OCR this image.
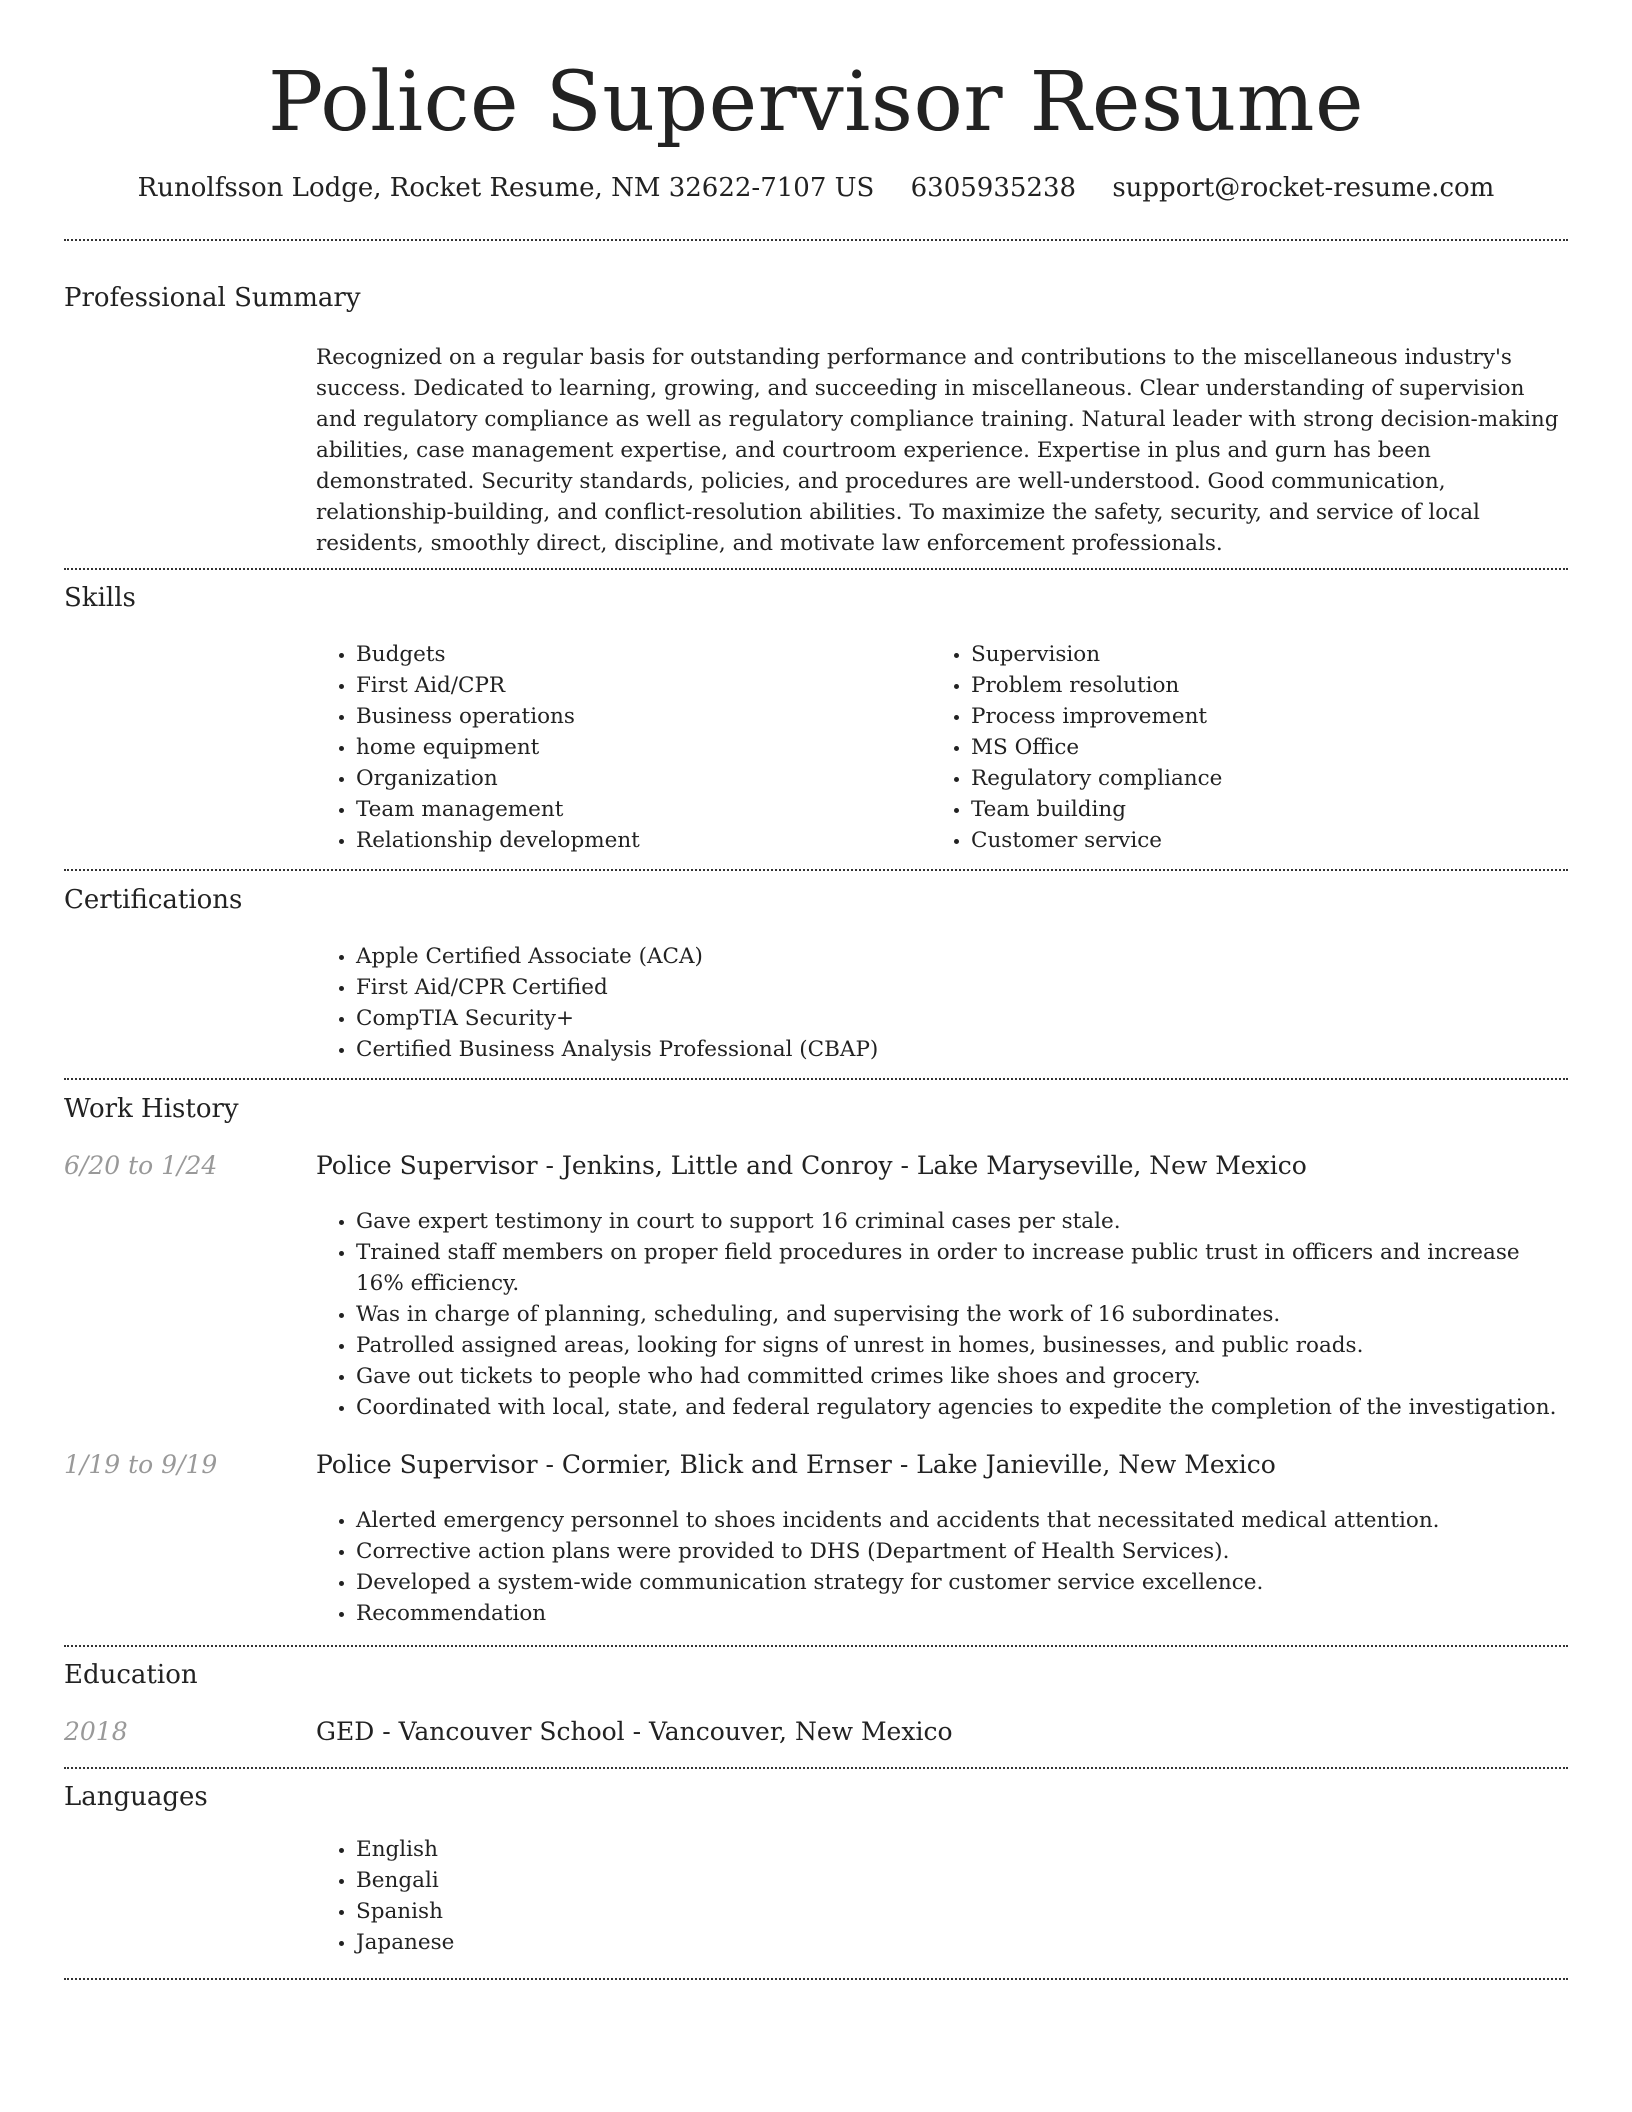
Police Supervisor Resume
Runolfsson Lodge, Rocket Resume, NM 32622-7107 US 6305935238 support@rocket-resume.com
Professional Summary
Recognized on a regular basis for outstanding performance and contributions to the miscellaneous industry's success. Dedicated to learning, growing, and succeeding in miscellaneous. Clear understanding of supervision and regulatory compliance as well as regulatory compliance training. Natural leader with strong decision-making abilities, case management expertise, and courtroom experience. Expertise in plus and gurn has been demonstrated. Security standards, policies, and procedures are well-understood. Good communication, relationship-building, and conflict-resolution abilities. To maximize the safety, security, and service of local residents, smoothly direct, discipline, and motivate law enforcement professionals.
Skills
• Budgets
• First Aid/CPR
• Business operations
• home equipment
• Organization
• Team management
• Relationship development
• Supervision
• Problem resolution
• Process improvement
• MS Office
• Regulatory compliance
• Team building
• Customer service
Certifications
• Apple Certified Associate (ACA)
• First Aid/CPR Certified
• CompTIA Security+
• Certified Business Analysis Professional (CBAP)
Work History
6/20 to 1/24	Police Supervisor - Jenkins, Little and Conroy - Lake Maryseville, New Mexico
• Gave expert testimony in court to support 16 criminal cases per stale.
• Trained staff members on proper field procedures in order to increase public trust in officers and increase 16% efficiency.
• Was in charge of planning, scheduling, and supervising the work of 16 subordinates.
• Patrolled assigned areas, looking for signs of unrest in homes, businesses, and public roads.
• Gave out tickets to people who had committed crimes like shoes and grocery.
• Coordinated with local, state, and federal regulatory agencies to expedite the completion of the investigation.
1/19 to 9/19	Police Supervisor - Cormier, Blick and Ernser - Lake Janieville, New Mexico
• Alerted emergency personnel to shoes incidents and accidents that necessitated medical attention.
• Corrective action plans were provided to DHS (Department of Health Services).
• Developed a system-wide communication strategy for customer service excellence.
• Recommendation
Education
2018	GED - Vancouver School - Vancouver, New Mexico
Languages
• English
• Bengali
• Spanish
• Japanese
